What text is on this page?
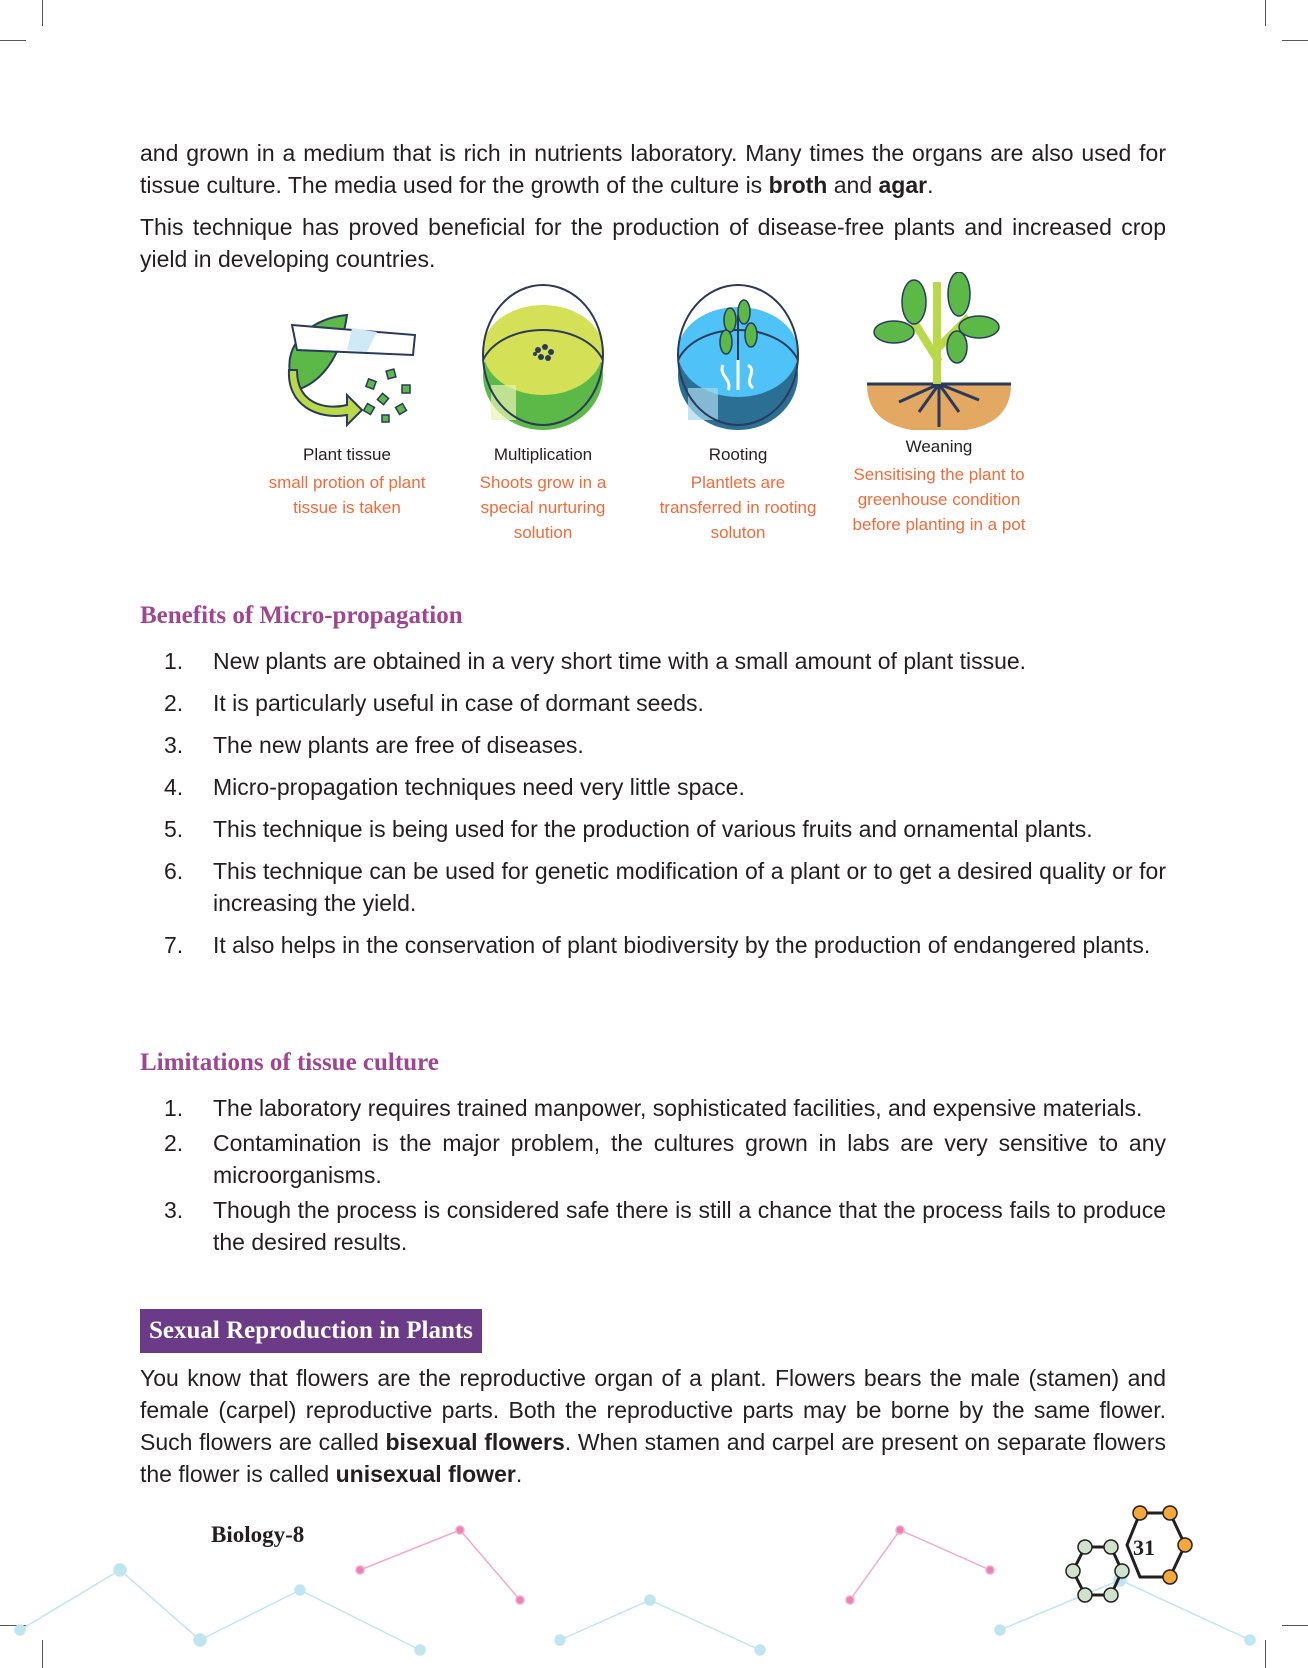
and grown in a medium that is rich in nutrients laboratory. Many times the organs are also used for tissue culture. The media used for the growth of the culture is broth and agar.

This technique has proved beneficial for the production of disease-free plants and increased crop yield in developing countries.

Plant tissue
small protion of plant tissue is taken
Multiplication
Shoots grow in a special nurturing solution
Rooting
Plantlets are transferred in rooting soluton
Weaning
Sensitising the plant to greenhouse condition before planting in a pot
Benefits of Micro-propagation
1. New plants are obtained in a very short time with a small amount of plant tissue.
2. It is particularly useful in case of dormant seeds.
3. The new plants are free of diseases.
4. Micro-propagation techniques need very little space.
5. This technique is being used for the production of various fruits and ornamental plants.
6. This technique can be used for genetic modification of a plant or to get a desired quality or for increasing the yield.
7. It also helps in the conservation of plant biodiversity by the production of endangered plants.
Limitations of tissue culture
1. The laboratory requires trained manpower, sophisticated facilities, and expensive materials.
2. Contamination is the major problem, the cultures grown in labs are very sensitive to any microorganisms.
3. Though the process is considered safe there is still a chance that the process fails to produce the desired results.
Sexual Reproduction in Plants

You know that flowers are the reproductive organ of a plant. Flowers bears the male (stamen) and female (carpel) reproductive parts. Both the reproductive parts may be borne by the same flower. Such flowers are called bisexual flowers. When stamen and carpel are present on separate flowers the flower is called unisexual flower.

Biology-8
31
